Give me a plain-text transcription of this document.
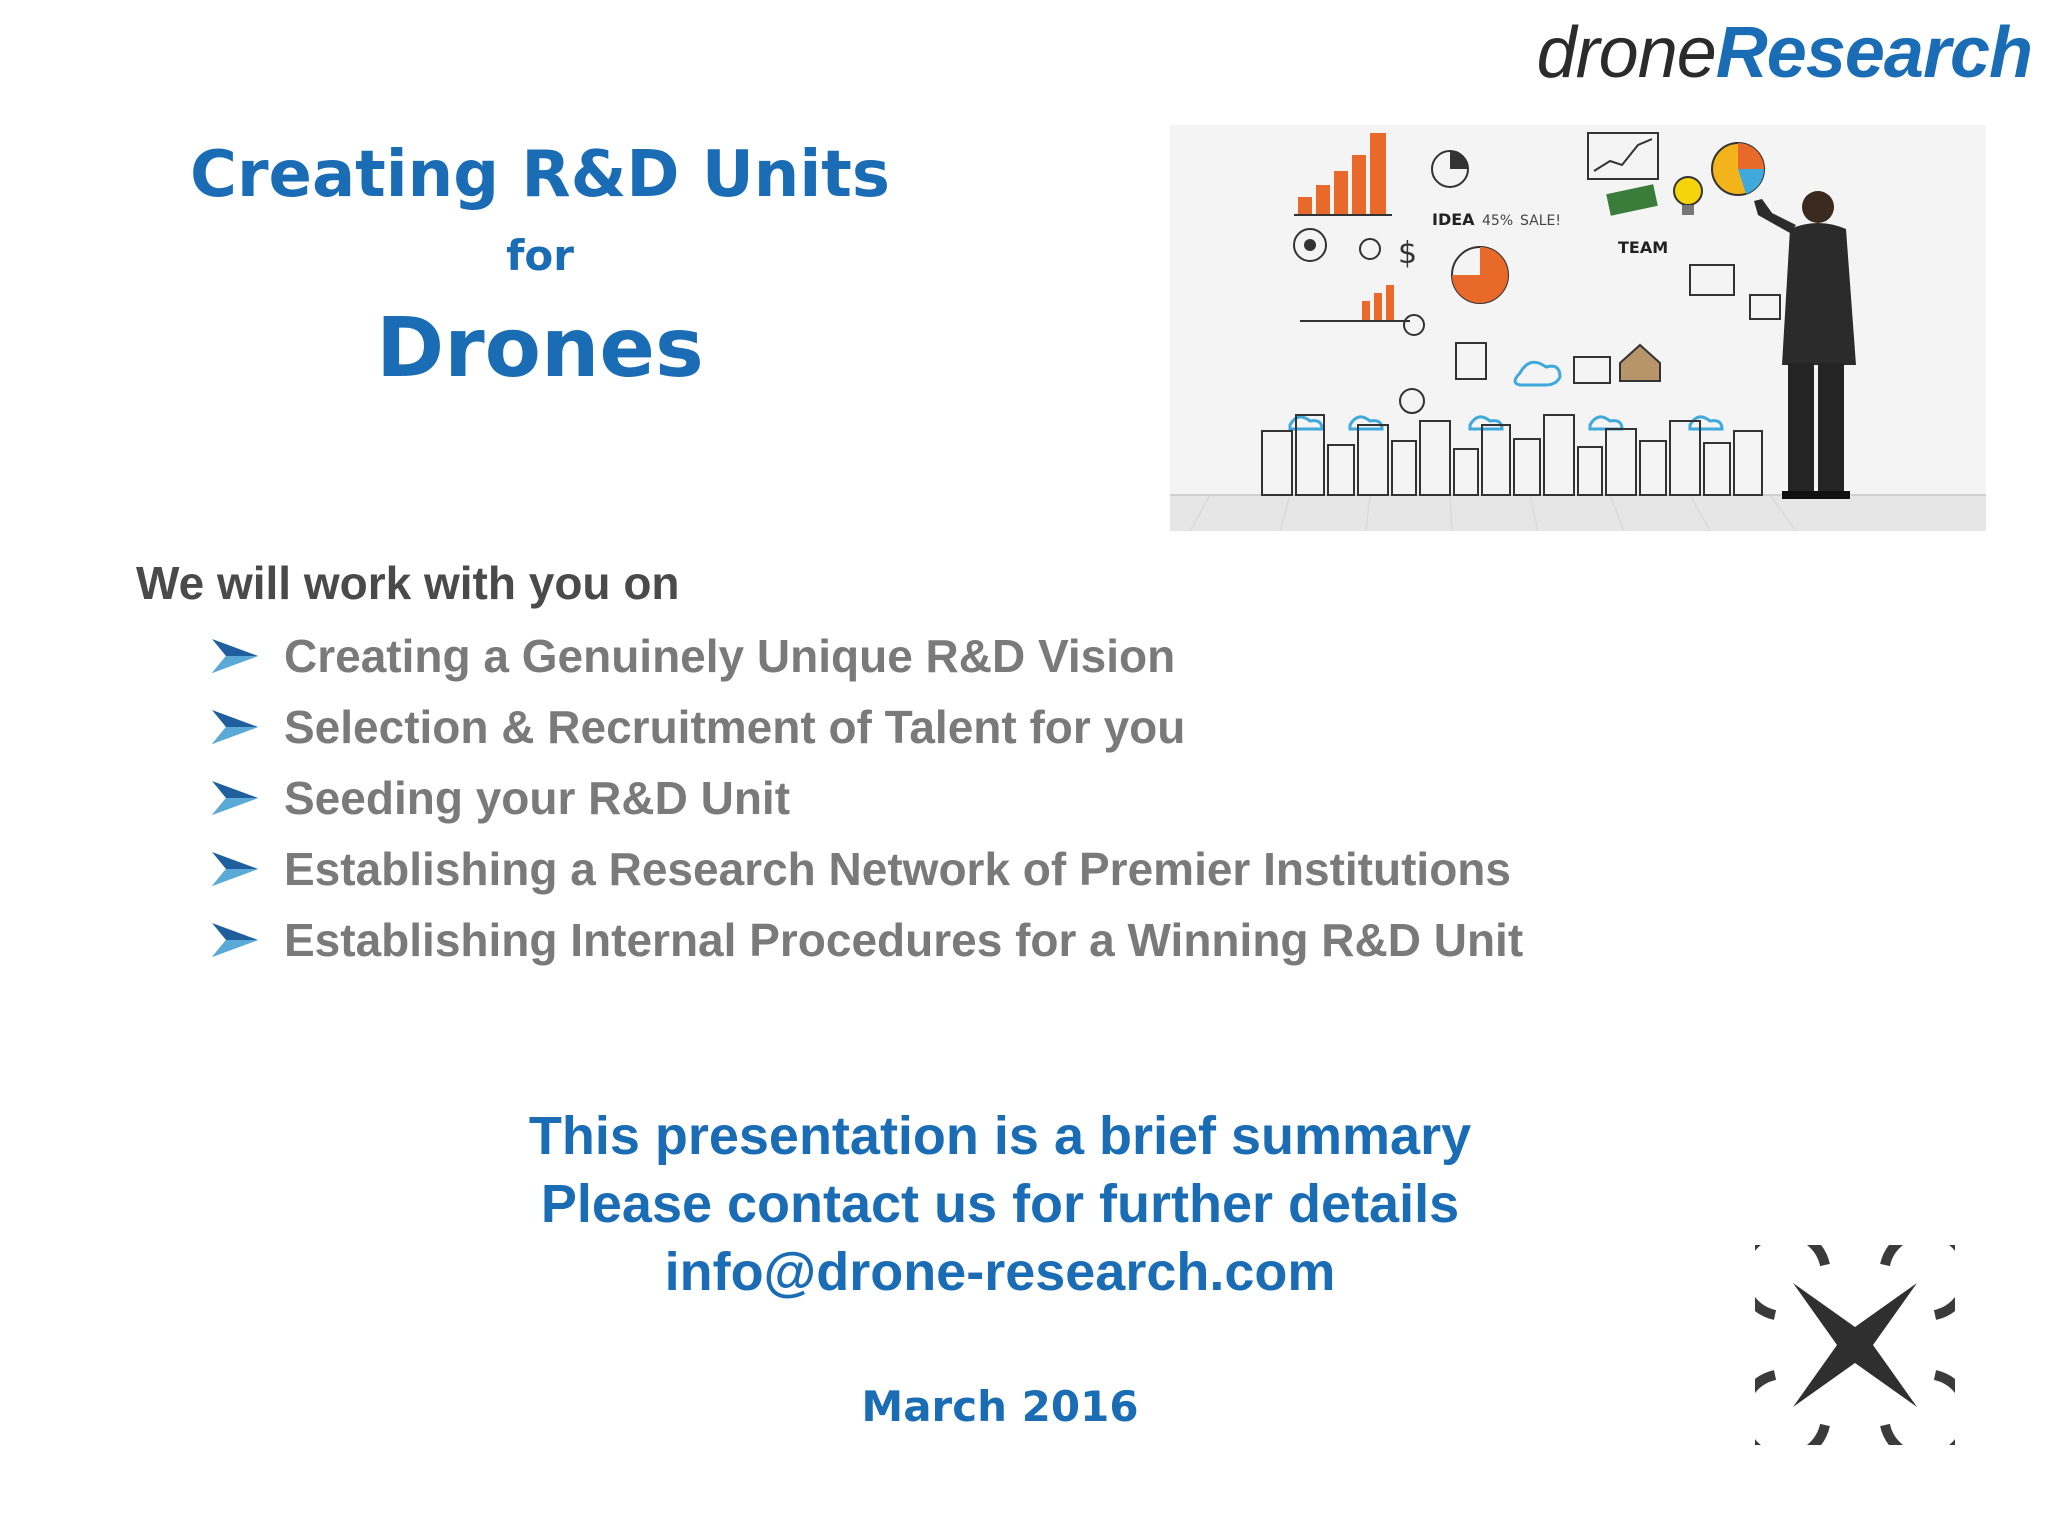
droneResearch
Creating R&D Units
for
Drones
IDEA 45% SALE!
TEAM
$
We will work with you on
Creating a Genuinely Unique R&D Vision
Selection & Recruitment of Talent for you
Seeding your R&D Unit
Establishing a Research Network of Premier Institutions
Establishing Internal Procedures for a Winning R&D Unit
This presentation is a brief summary
Please contact us for further details
info@drone-research.com
March 2016
